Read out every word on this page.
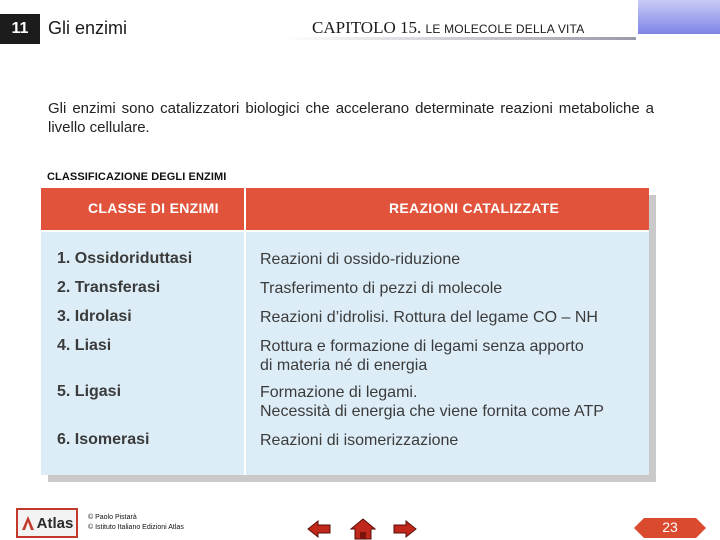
11 Gli enzimi	CAPITOLO 15. LE MOLECOLE DELLA VITA
Gli enzimi sono catalizzatori biologici che accelerano determinate reazioni metaboliche a livello cellulare.
CLASSIFICAZIONE DEGLI ENZIMI
CLASSE DI ENZIMI	REAZIONI CATALIZZATE
1. Ossidoriduttasi	Reazioni di ossido-riduzione
2. Transferasi	Trasferimento di pezzi di molecole
3. Idrolasi	Reazioni d’idrolisi. Rottura del legame CO – NH
4. Liasi	Rottura e formazione di legami senza apporto
di materia né di energia
5. Ligasi	Formazione di legami.
Necessità di energia che viene fornita come ATP
6. Isomerasi	Reazioni di isomerizzazione
Atlas © Paolo Pistarà
© Istituto Italiano Edizioni Atlas	23
